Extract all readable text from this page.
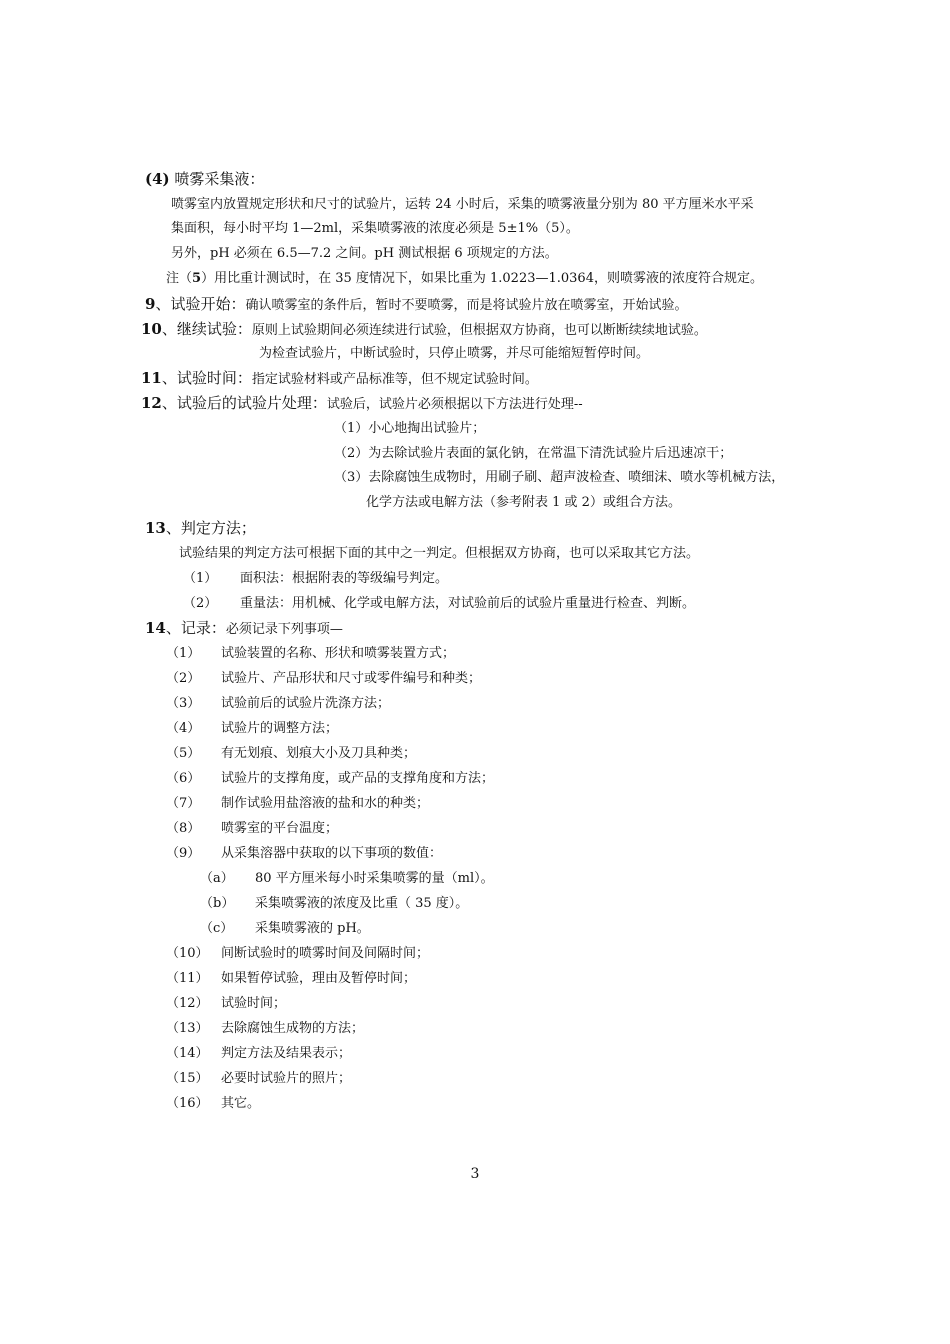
(4) 喷雾采集液：
喷雾室内放置规定形状和尺寸的试验片，运转 24 小时后，采集的喷雾液量分别为 80 平方厘米水平采
集面积，每小时平均 1—2ml，采集喷雾液的浓度必须是 5±1%（5）。
另外，pH 必须在 6.5—7.2 之间。pH 测试根据 6 项规定的方法。
注（5）用比重计测试时，在 35 度情况下，如果比重为 1.0223—1.0364，则喷雾液的浓度符合规定。
9、试验开始：确认喷雾室的条件后，暂时不要喷雾，而是将试验片放在喷雾室，开始试验。
10、继续试验：原则上试验期间必须连续进行试验，但根据双方协商，也可以断断续续地试验。
为检查试验片，中断试验时，只停止喷雾，并尽可能缩短暂停时间。
11、试验时间：指定试验材料或产品标准等，但不规定试验时间。
12、试验后的试验片处理：试验后，试验片必须根据以下方法进行处理--
（1）小心地掏出试验片；
（2）为去除试验片表面的氯化钠，在常温下清洗试验片后迅速凉干；
（3）去除腐蚀生成物时，用刷子刷、超声波检查、喷细沫、喷水等机械方法，
化学方法或电解方法（参考附表 1 或 2）或组合方法。
13、判定方法；
试验结果的判定方法可根据下面的其中之一判定。但根据双方协商，也可以采取其它方法。
（1） 面积法：根据附表的等级编号判定。
（2） 重量法：用机械、化学或电解方法，对试验前后的试验片重量进行检查、判断。
14、记录：必须记录下列事项—
（1） 试验装置的名称、形状和喷雾装置方式；
（2） 试验片、产品形状和尺寸或零件编号和种类；
（3） 试验前后的试验片洗涤方法；
（4） 试验片的调整方法；
（5） 有无划痕、划痕大小及刀具种类；
（6） 试验片的支撑角度，或产品的支撑角度和方法；
（7） 制作试验用盐溶液的盐和水的种类；
（8） 喷雾室的平台温度；
（9） 从采集溶器中获取的以下事项的数值：
（a） 80 平方厘米每小时采集喷雾的量（ml）。
（b） 采集喷雾液的浓度及比重（ 35 度）。
（c） 采集喷雾液的 pH。
（10） 间断试验时的喷雾时间及间隔时间；
（11） 如果暂停试验，理由及暂停时间；
（12） 试验时间；
（13） 去除腐蚀生成物的方法；
（14） 判定方法及结果表示；
（15） 必要时试验片的照片；
（16） 其它。
3
